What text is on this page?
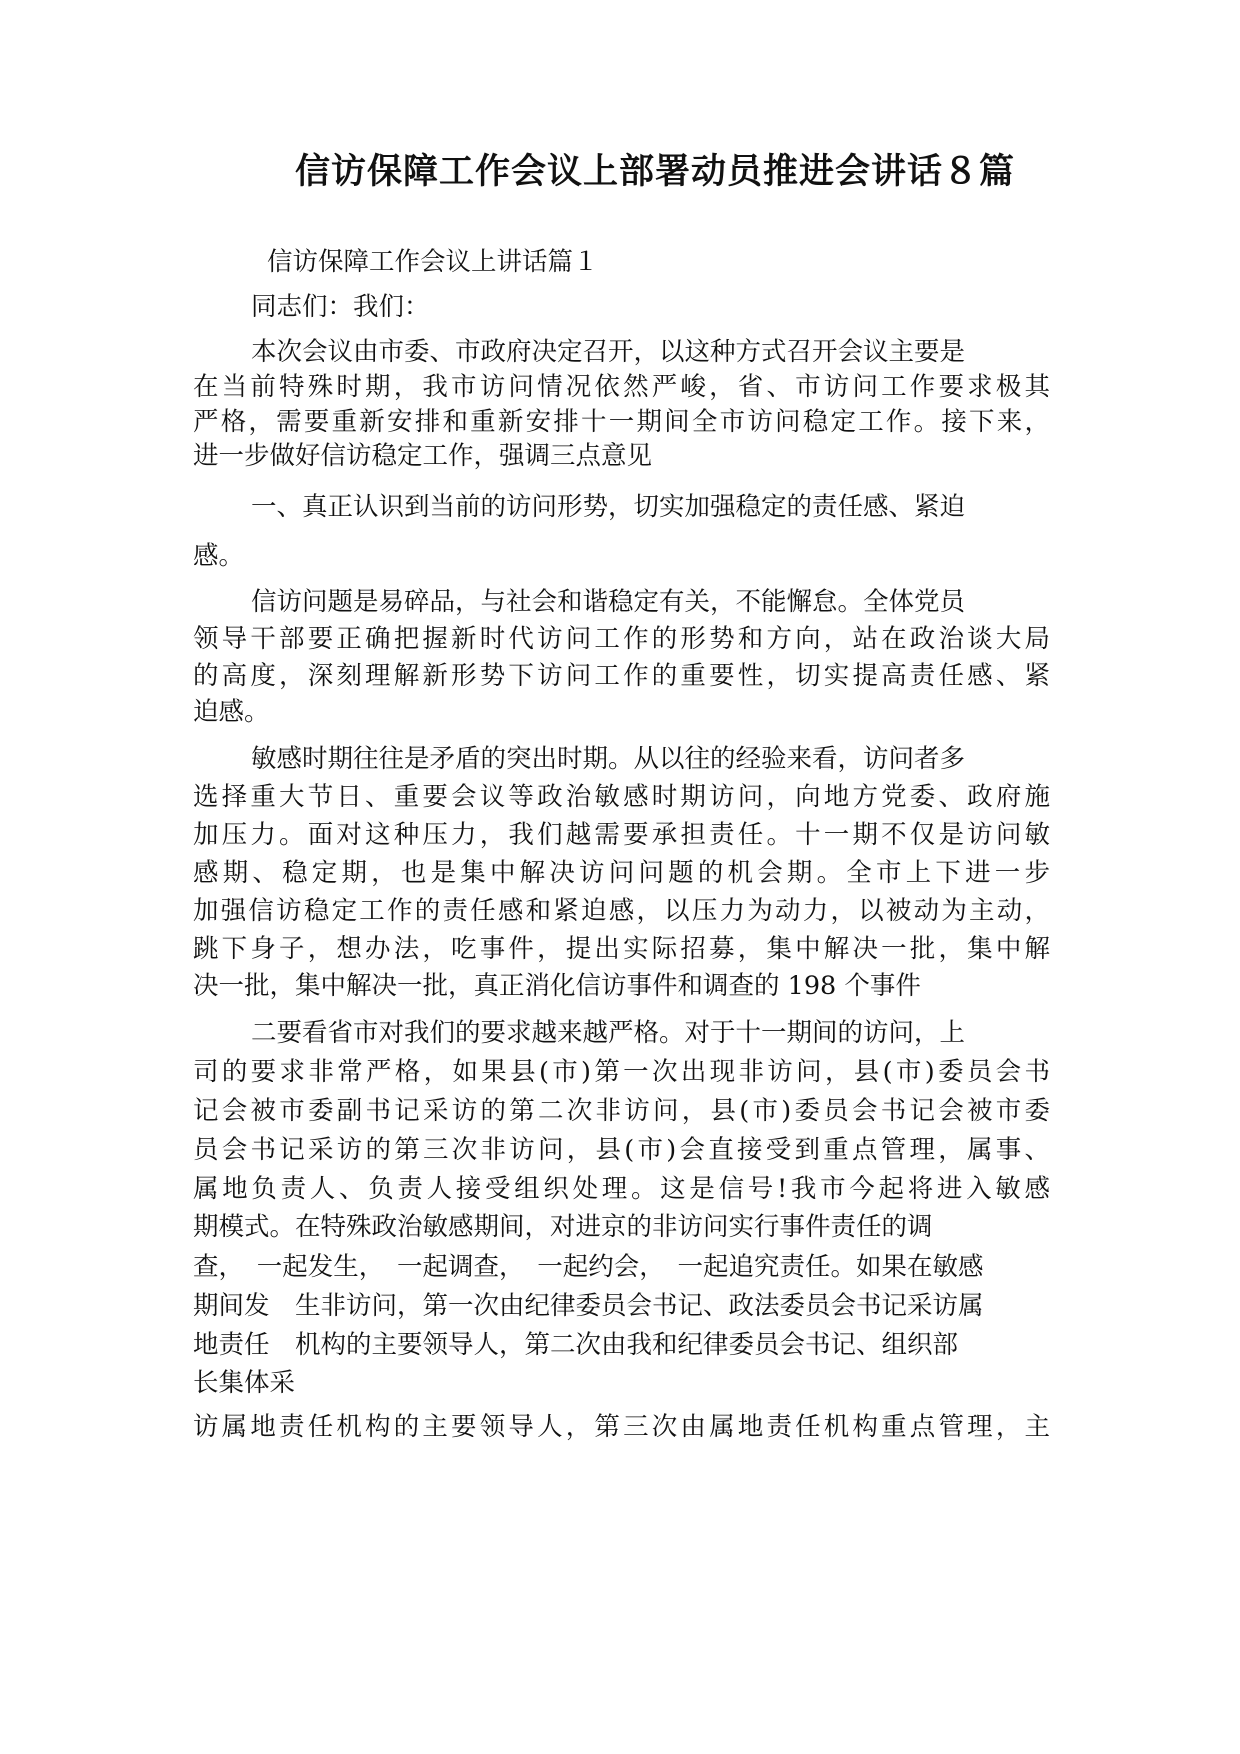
信访保障工作会议上部署动员推进会讲话８篇
信访保障工作会议上讲话篇１
同志们：我们：
本次会议由市委、市政府决定召开，以这种方式召开会议主要是
在当前特殊时期，我市访问情况依然严峻，省、市访问工作要求极其
严格，需要重新安排和重新安排十一期间全市访问稳定工作。接下来，
进一步做好信访稳定工作，强调三点意见
一、真正认识到当前的访问形势，切实加强稳定的责任感、紧迫
感。
信访问题是易碎品，与社会和谐稳定有关，不能懈怠。全体党员
领导干部要正确把握新时代访问工作的形势和方向，站在政治谈大局
的高度，深刻理解新形势下访问工作的重要性，切实提高责任感、紧
迫感。
敏感时期往往是矛盾的突出时期。从以往的经验来看，访问者多
选择重大节日、重要会议等政治敏感时期访问，向地方党委、政府施
加压力。面对这种压力，我们越需要承担责任。十一期不仅是访问敏
感期、稳定期，也是集中解决访问问题的机会期。全市上下进一步
加强信访稳定工作的责任感和紧迫感，以压力为动力，以被动为主动，
跳下身子，想办法，吃事件，提出实际招募，集中解决一批，集中解
决一批，集中解决一批，真正消化信访事件和调查的 198 个事件
二要看省市对我们的要求越来越严格。对于十一期间的访问，上
司的要求非常严格，如果县(市)第一次出现非访问，县(市)委员会书
记会被市委副书记采访的第二次非访问，县(市)委员会书记会被市委
员会书记采访的第三次非访问，县(市)会直接受到重点管理，属事、
属地负责人、负责人接受组织处理。这是信号!我市今起将进入敏感
期模式。在特殊政治敏感期间，对进京的非访问实行事件责任的调
查，　一起发生，　一起调查，　一起约会，　一起追究责任。如果在敏感
期间发　生非访问，第一次由纪律委员会书记、政法委员会书记采访属
地责任　机构的主要领导人，第二次由我和纪律委员会书记、组织部
长集体采
访属地责任机构的主要领导人，第三次由属地责任机构重点管理，主
